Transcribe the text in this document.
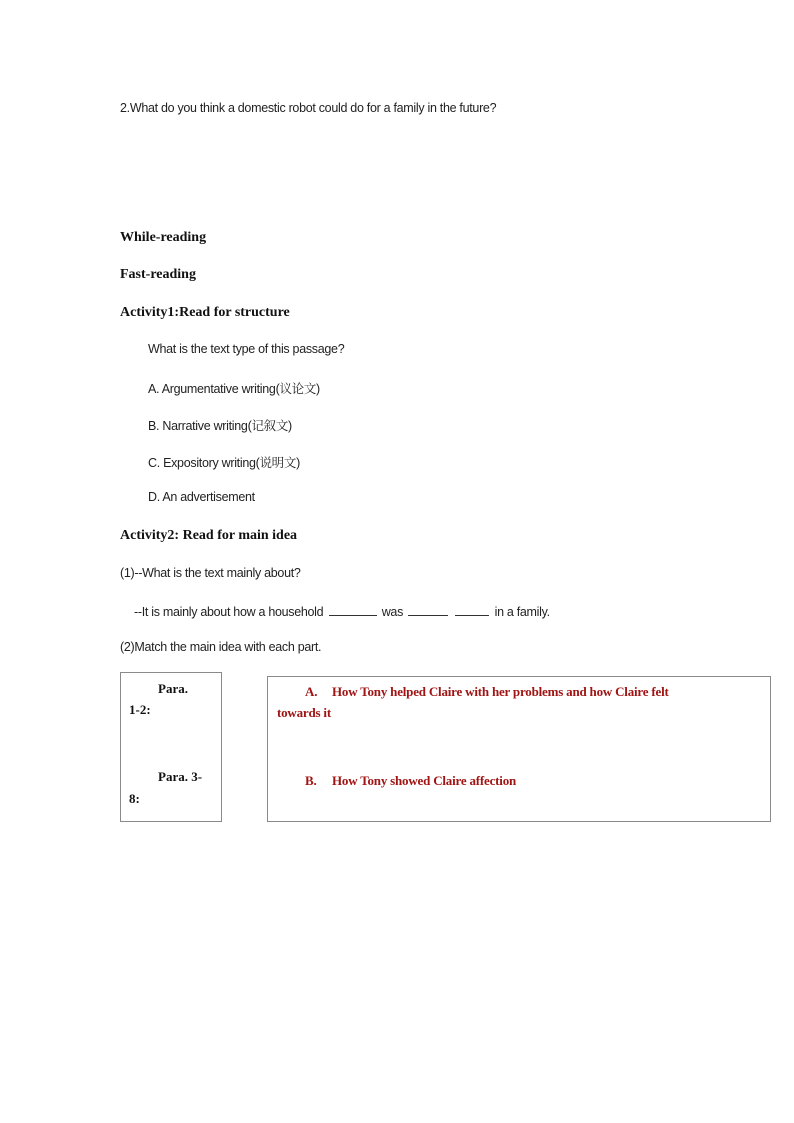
2.What do you think a domestic robot could do for a family in the future?
While-reading
Fast-reading
Activity1:Read for structure
What is the text type of this passage?
A. Argumentative writing(议论文)
B. Narrative writing(记叙文)
C. Expository writing(说明文)
D. An advertisement
Activity2: Read for main idea
(1)--What is the text mainly about?
--It is mainly about how a household	was	in a family.
(2)Match the main idea with each part.
Para.
1-2:
Para. 3-
8:
A. How Tony helped Claire with her problems and how Claire felt
towards it
B. How Tony showed Claire affection
